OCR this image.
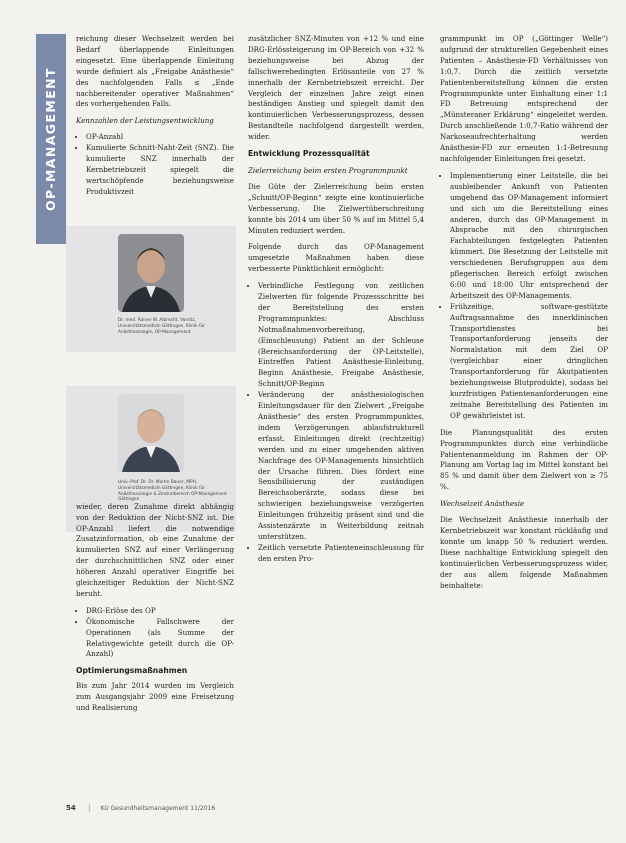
OP-MANAGEMENT
Dr. med. Rainer W. Albrecht, Vorsitz, Universitätsmedizin Göttingen, Klinik für Anästhesiologie, OP-Management
Univ.-Prof. Dr. Dr. Martin Bauer, MPH, Universitätsmedizin Göttingen, Klinik für Anästhesiologie & Zentralbereich OP-Management Göttingen

reichung dieser Wechselzeit werden bei Bedarf überlappende Einleitungen eingesetzt. Eine überlappende Einleitung wurde definiert als „Freigabe Anästhesie“ des nachfolgenden Falls ≤ „Ende nachbereitender operativer Maßnahmen“ des vorhergehenden Falls.

Kennzahlen der Leistungsentwicklung
• OP-Anzahl
• Kumulierte Schnitt-Naht-Zeit (SNZ). Die kumulierte SNZ innerhalb der Kernbetriebszeit spiegelt die wertschöpfende beziehungsweise Produktivzeit

wieder, deren Zunahme direkt abhängig von der Reduktion der Nicht-SNZ ist. Die OP-Anzahl liefert die notwendige Zusatzinformation, ob eine Zunahme der kumulierten SNZ auf einer Verlängerung der durchschnittlichen SNZ oder einer höheren Anzahl operativer Eingriffe bei gleichzeitiger Reduktion der Nicht-SNZ beruht.

• DRG-Erlöse des OP
• Ökonomische Fallschwere der Operationen (als Summe der Relativgewichte geteilt durch die OP-Anzahl)
Optimierungsmaßnahmen

Bis zum Jahr 2014 wurden im Vergleich zum Ausgangsjahr 2009 eine Freisetzung und Realisierung

zusätzlicher SNZ-Minuten von +12 % und eine DRG-Erlössteigerung im OP-Bereich von +32 % beziehungsweise bei Abzug der fallschwerebedingten Erlösanteile von 27 % innerhalb der Kernbetriebszeit erreicht. Der Vergleich der einzelnen Jahre zeigt einen beständigen Anstieg und spiegelt damit den kontinuierlichen Verbesserungsprozess, dessen Bestandteile nachfolgend dargestellt werden, wider.

Entwicklung Prozessqualität
Zielerreichung beim ersten Programmpunkt

Die Güte der Zielerreichung beim ersten „Schnitt/OP-Beginn“ zeigte eine kontinuierliche Verbesserung. Die Zielwertüberschreitung konnte bis 2014 um über 50 % auf im Mittel 5,4 Minuten reduziert werden.

Folgende durch das OP-Management umgesetzte Maßnahmen haben diese verbesserte Pünktlichkeit ermöglicht:

• Verbindliche Festlegung von zeitlichen Zielwerten für folgende Prozessschritte bei der Bereitstellung des ersten Programmpunktes: Abschluss Notmaßnahmenvorbereitung, (Einschleusung) Patient an der Schleuse (Bereichsanforderung der OP-Leitstelle), Eintreffen Patient Anästhesie-Einleitung, Beginn Anästhesie, Freigabe Anästhesie, Schnitt/OP-Beginn
• Veränderung der anästhesiologischen Einleitungsdauer für den Zielwert „Freigabe Anästhesie“ des ersten Programmpunktes, indem Verzögerungen ablaufstrukturell erfasst. Einleitungen direkt (rechtzeitig) werden und zu einer umgehenden aktiven Nachfrage des OP-Managements hinsichtlich der Ursache führen. Dies fördert eine Sensibilisierung der zuständigen Bereichsoberärzte, sodass diese bei schwierigen beziehungsweise verzögerten Einleitungen frühzeitig präsent sind und die Assistenzärzte in Weiterbildung zeitnah unterstützen.
• Zeitlich versetzte Patienteneinschleusung für den ersten Pro-

grammpunkt im OP („Göttinger Welle“) aufgrund der strukturellen Gegebenheit eines Patienten – Anästhesie-FD Verhältnisses von 1:0,7. Durch die zeitlich versetzte Patientenbereitstellung können die ersten Programmpunkte unter Einhaltung einer 1:1 FD Betreuung entsprechend der „Münsteraner Erklärung“ eingeleitet werden. Durch anschließende 1:0,7-Ratio während der Narkoseaufrechterhaltung werden Anästhesie-FD zur erneuten 1:1-Betreuung nachfolgender Einleitungen frei gesetzt.

• Implementierung einer Leitstelle, die bei ausbleibender Ankunft von Patienten umgehend das OP-Management informiert und sich um die Bereitstellung eines anderen, durch das OP-Management in Absprache mit den chirurgischen Fachabteilungen festgelegten Patienten kümmert. Die Besetzung der Leitstelle mit verschiedenen Berufsgruppen aus dem pflegerischen Bereich erfolgt zwischen 6:00 und 18:00 Uhr entsprechend der Arbeitszeit des OP-Managements.
• Frühzeitige, software-gestützte Auftragsannahme des innerklinischen Transportdienstes bei Transportanforderung jenseits der Normalstation mit dem Ziel OP (vergleichbar einer dringlichen Transportanforderung für Akutpatienten beziehungsweise Blutprodukte), sodass bei kurzfristigen Patientenanforderungen eine zeitnahe Bereitstellung des Patienten im OP gewährleistet ist.

Die Planungsqualität des ersten Programmpunktes durch eine verbindliche Patientenanmeldung im Rahmen der OP-Planung am Vortag lag im Mittel konstant bei 85 % und damit über dem Zielwert von ≥ 75 %.

Wechselzeit Anästhesie

Die Wechselzeit Anästhesie innerhalb der Kernbetriebszeit war konstant rückläufig und konnte um knapp 50 % reduziert werden. Diese nachhaltige Entwicklung spiegelt den kontinuierlichen Verbesserungsprozess wider, der aus allem folgende Maßnahmen beinhaltete:

54 | KU Gesundheitsmanagement 11/2016
